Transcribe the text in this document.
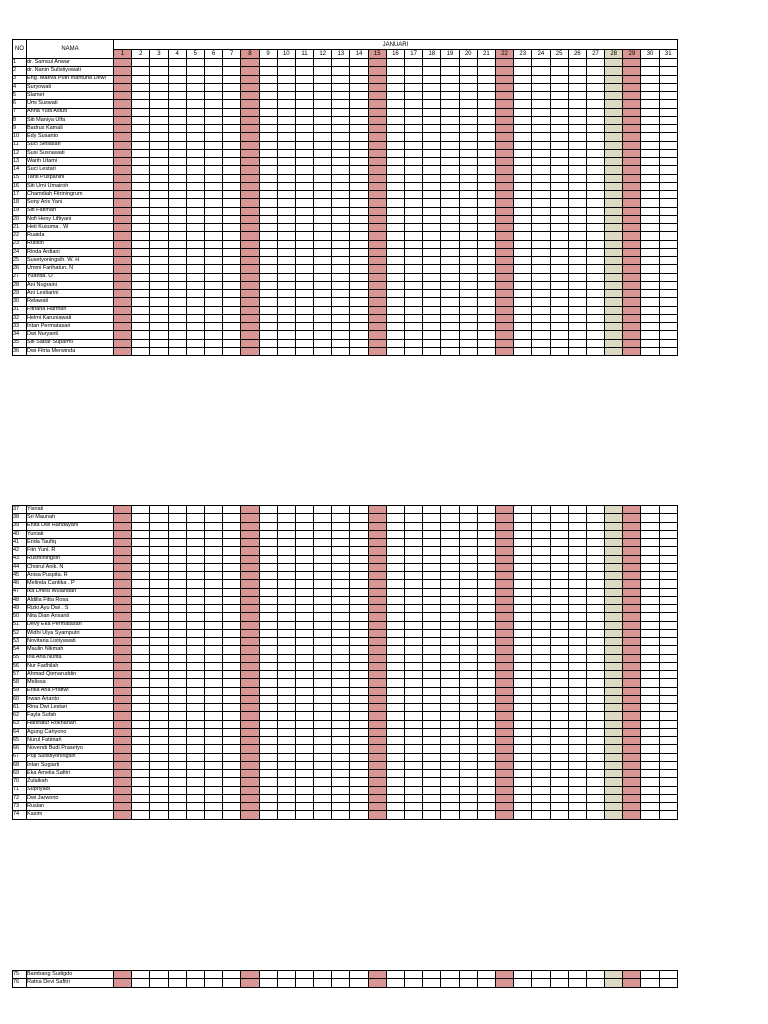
NO	NAMA	JANUARI																														
		1	2	3	4	5	6	7	8	9	10	11	12	13	14	15	16	17	18	19	20	21	22	23	24	25	26	27	28	29	30	31
1	dr. Samsul Anwar																															
2	dr. Nanin Sulistiyowati																															
3	Eng. Maeva Putri Irianturia Dewi																															
4	Suryowati																															
5	Slamet																															
6	Umi Suswati																															
7	Anna Yudi Astuti																															
8	Siti Maniya Ulfa																															
9	Badrus Kamali																															
10	Edy Susanto																															
11	Suci Setiasari																															
12	Susi Susnawati																															
13	Warih Utami																															
14	Suci Lestari																															
15	Tanti Puspanini																															
16	Siti Umi Umairoh																															
17	Chamdiah Fitriningrum																															
18	Sony Aris Yani																															
19	Siti Fatimah																															
20	Nofi Heny Liftiyani																															
21	Heti Kusuma . W																															
22	Ruaida																															
23	Rutisih																															
24	Rinda Ardiani																															
25	Susetyoningsih. W. H																															
26	Ummi Farihatun. N																															
27	Yuanita. O																															
28	Ani Nugraini																															
29	Ani Lestiarini																															
30	Relawati																															
31	Fitriana Harman																															
32	Helmi Karuniawati																															
33	Intan Permatasari																															
34	Dwi Nuryanti																															
35	Siti Sabar Suparmi																															
36	Dwi Fitria Merwinda																															
37	Yisriati																															
38	Sri Maunah																															
39	Enita Dwi Handayani																															
40	Yuniati																															
41	Erida Taufiq																															
42	Fitri Yuni. R																															
43	Rusminingsih																															
44	Choirul Anik. N																															
45	Anisa Puspita. R																															
46	Melinda Cantika . P																															
47	Ika Dhesi Wulandari																															
48	Aldilla Fitta Rosa																															
49	Rizki Ayu Dwi . S																															
50	Nita Dian Arisanti																															
51	Devy Eka Permatasari																															
52	Widhi Ulya Syamputri																															
53	Novitaria Listiyawati																															
54	Maulin Nikmah																															
55	Iria Ana Nufita																															
56	Nur Fadhilah																															
57	Ahmad Qomaruddin																															
58	Melissa																															
59	Erika Ana Pratiwi																															
60	Irwan Arianto																															
61	Rina Dwi Lestari																															
62	Fayla Sufah																															
63	Hanifatur Rokhanah																															
64	Agung Cahyono																															
65	Nurul Fatimah																															
66	Novendi Budi Prasetyo																															
67	Puji Sulistiyoningsih																															
68	Intan Sugiarti																															
69	Eka Amelia Safitri																															
70	Zulaikah																															
71	Supriyadi																															
72	Dwi Jarwono																															
73	Ruslan																															
74	Kasim																															
75	Bambang Sudigdo																															
76	Ratna Devi Safitri																															
